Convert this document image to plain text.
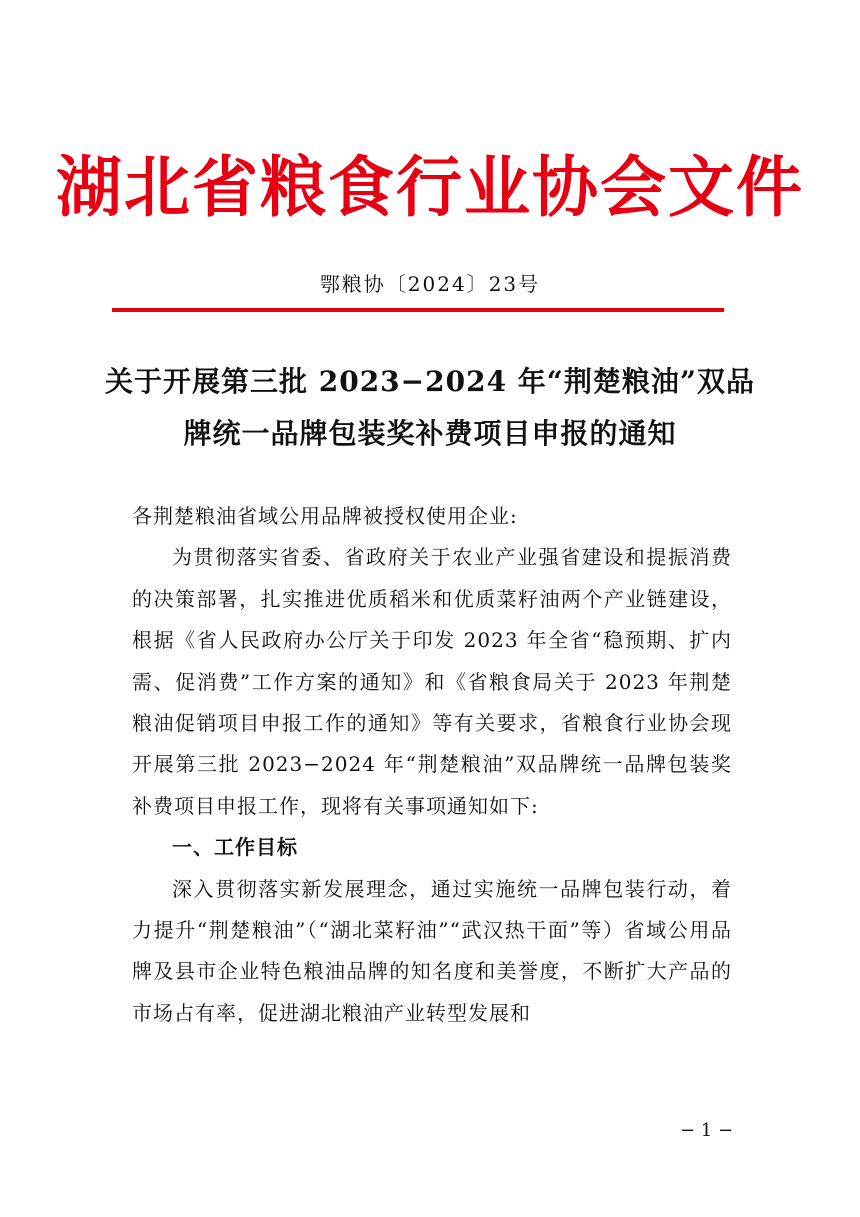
湖北省粮食行业协会文件
鄂粮协〔2024〕23号
关于开展第三批 2023−2024 年“荆楚粮油”双品
牌统一品牌包装奖补费项目申报的通知

各荆楚粮油省域公用品牌被授权使用企业:

为贯彻落实省委、省政府关于农业产业强省建设和提振消费的决策部署，扎实推进优质稻米和优质菜籽油两个产业链建设，根据《省人民政府办公厅关于印发 2023 年全省“稳预期、扩内需、促消费”工作方案的通知》和《省粮食局关于 2023 年荆楚粮油促销项目申报工作的通知》等有关要求，省粮食行业协会现开展第三批 2023−2024 年“荆楚粮油”双品牌统一品牌包装奖补费项目申报工作，现将有关事项通知如下:

一、工作目标

深入贯彻落实新发展理念，通过实施统一品牌包装行动，着力提升“荆楚粮油”（“湖北菜籽油”“武汉热干面”等）省域公用品牌及县市企业特色粮油品牌的知名度和美誉度，不断扩大产品的市场占有率，促进湖北粮油产业转型发展和

− 1 −
